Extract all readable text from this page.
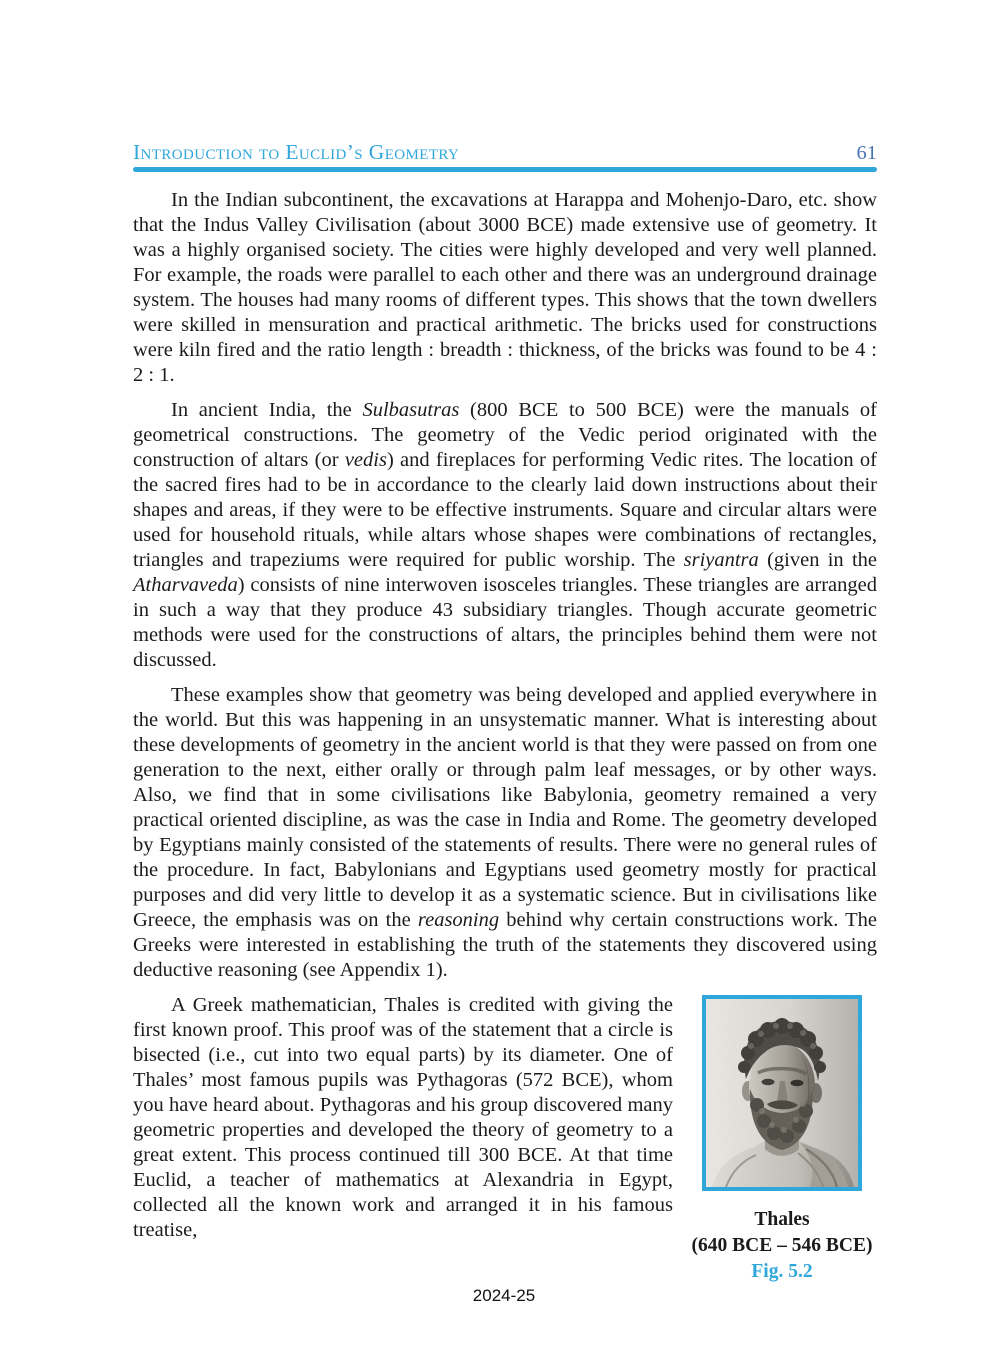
Introduction to Euclid’s Geometry	61

In the Indian subcontinent, the excavations at Harappa and Mohenjo-Daro, etc. show that the Indus Valley Civilisation (about 3000 BCE) made extensive use of geometry. It was a highly organised society. The cities were highly developed and very well planned. For example, the roads were parallel to each other and there was an underground drainage system. The houses had many rooms of different types. This shows that the town dwellers were skilled in mensuration and practical arithmetic. The bricks used for constructions were kiln fired and the ratio length : breadth : thickness, of the bricks was found to be 4 : 2 : 1.

In ancient India, the Sulbasutras (800 BCE to 500 BCE) were the manuals of geometrical constructions. The geometry of the Vedic period originated with the construction of altars (or vedis) and fireplaces for performing Vedic rites. The location of the sacred fires had to be in accordance to the clearly laid down instructions about their shapes and areas, if they were to be effective instruments. Square and circular altars were used for household rituals, while altars whose shapes were combinations of rectangles, triangles and trapeziums were required for public worship. The sriyantra (given in the Atharvaveda) consists of nine interwoven isosceles triangles. These triangles are arranged in such a way that they produce 43 subsidiary triangles. Though accurate geometric methods were used for the constructions of altars, the principles behind them were not discussed.

These examples show that geometry was being developed and applied everywhere in the world. But this was happening in an unsystematic manner. What is interesting about these developments of geometry in the ancient world is that they were passed on from one generation to the next, either orally or through palm leaf messages, or by other ways. Also, we find that in some civilisations like Babylonia, geometry remained a very practical oriented discipline, as was the case in India and Rome. The geometry developed by Egyptians mainly consisted of the statements of results. There were no general rules of the procedure. In fact, Babylonians and Egyptians used geometry mostly for practical purposes and did very little to develop it as a systematic science. But in civilisations like Greece, the emphasis was on the reasoning behind why certain constructions work. The Greeks were interested in establishing the truth of the statements they discovered using deductive reasoning (see Appendix 1).

Thales
(640 BCE – 546 BCE)
Fig. 5.2
A Greek mathematician, Thales is credited with giving the first known proof. This proof was of the statement that a circle is bisected (i.e., cut into two equal parts) by its diameter. One of Thales’ most famous pupils was Pythagoras (572 BCE), whom you have heard about. Pythagoras and his group discovered many geometric properties and developed the theory of geometry to a great extent. This process continued till 300 BCE. At that time Euclid, a teacher of mathematics at Alexandria in Egypt, collected all the known work and arranged it in his famous treatise,

2024-25
